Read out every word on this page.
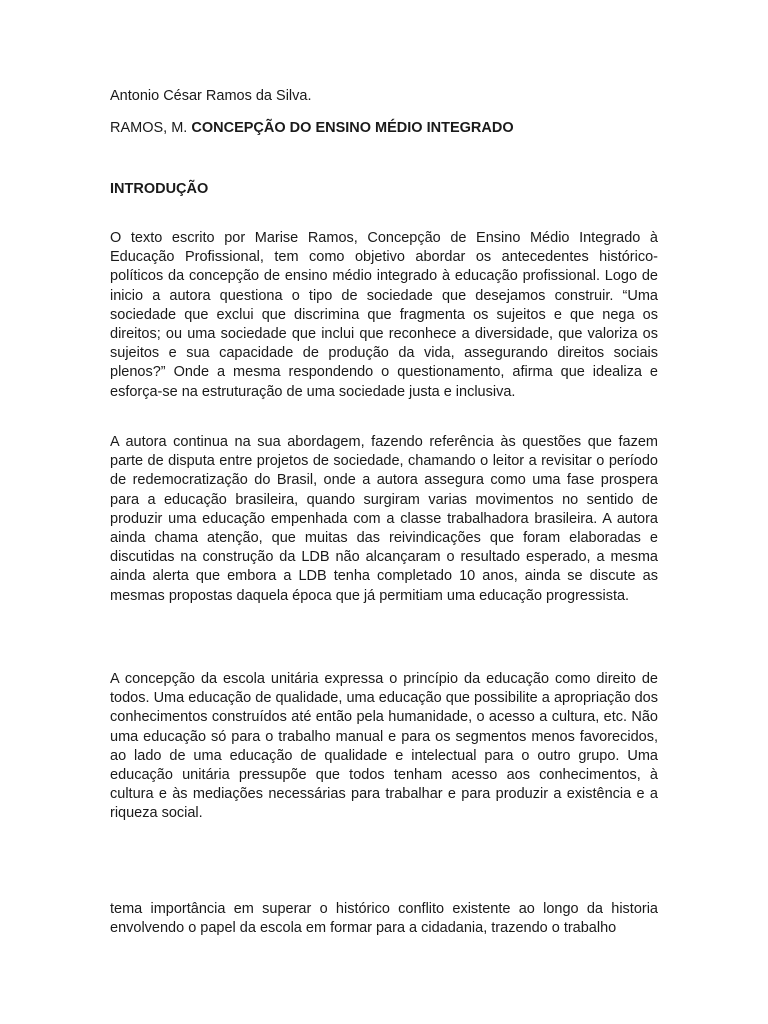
Antonio César Ramos da Silva.
RAMOS, M. CONCEPÇÃO DO ENSINO MÉDIO INTEGRADO
INTRODUÇÃO

O texto escrito por Marise Ramos, Concepção de Ensino Médio Integrado à Educação Profissional, tem como objetivo abordar os antecedentes histórico-políticos da concepção de ensino médio integrado à educação profissional. Logo de inicio a autora questiona o tipo de sociedade que desejamos construir. “Uma sociedade que exclui que discrimina que fragmenta os sujeitos e que nega os direitos; ou uma sociedade que inclui que reconhece a diversidade, que valoriza os sujeitos e sua capacidade de produção da vida, assegurando direitos sociais plenos?” Onde a mesma respondendo o questionamento, afirma que idealiza e esforça-se na estruturação de uma sociedade justa e inclusiva.

A autora continua na sua abordagem, fazendo referência às questões que fazem parte de disputa entre projetos de sociedade, chamando o leitor a revisitar o período de redemocratização do Brasil, onde a autora assegura como uma fase prospera para a educação brasileira, quando surgiram varias movimentos no sentido de produzir uma educação empenhada com a classe trabalhadora brasileira. A autora ainda chama atenção, que muitas das reivindicações que foram elaboradas e discutidas na construção da LDB não alcançaram o resultado esperado, a mesma ainda alerta que embora a LDB tenha completado 10 anos, ainda se discute as mesmas propostas daquela época que já permitiam uma educação progressista.

A concepção da escola unitária expressa o princípio da educação como direito de todos. Uma educação de qualidade, uma educação que possibilite a apropriação dos conhecimentos construídos até então pela humanidade, o acesso a cultura, etc. Não uma educação só para o trabalho manual e para os segmentos menos favorecidos, ao lado de uma educação de qualidade e intelectual para o outro grupo. Uma educação unitária pressupõe que todos tenham acesso aos conhecimentos, à cultura e às mediações necessárias para trabalhar e para produzir a existência e a riqueza social.

tema importância em superar o histórico conflito existente ao longo da historia envolvendo o papel da escola em formar para a cidadania, trazendo o trabalho
